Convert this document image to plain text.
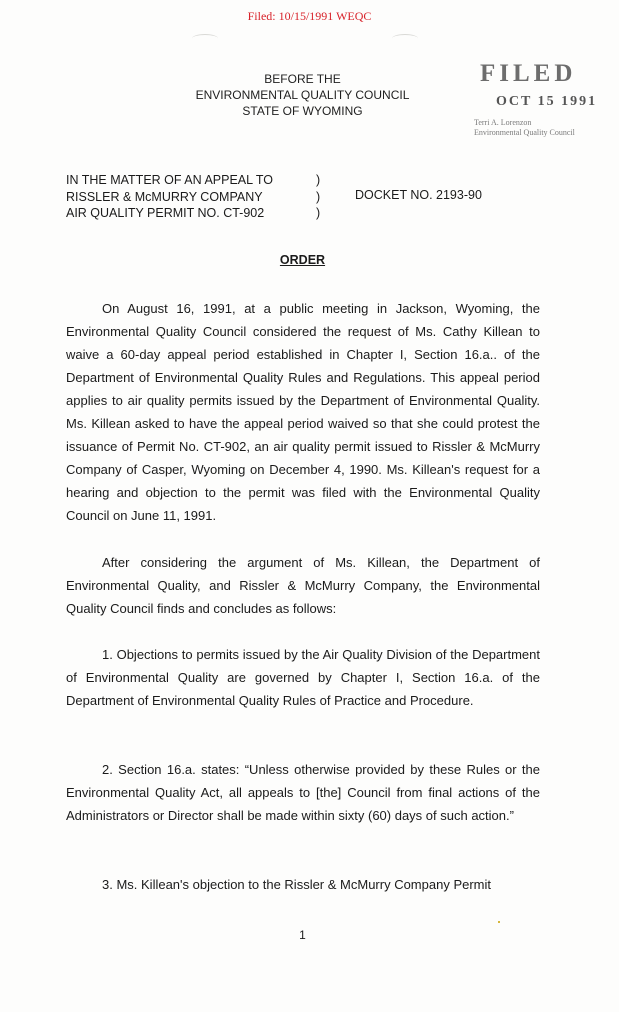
Filed: 10/15/1991 WEQC
BEFORE THE
ENVIRONMENTAL QUALITY COUNCIL
STATE OF WYOMING
FILED
OCT 15 1991
Terri A. Lorenzon
Environmental Quality Council
IN THE MATTER OF AN APPEAL TO
RISSLER & McMURRY COMPANY
AIR QUALITY PERMIT NO. CT-902
)
)
)
DOCKET NO. 2193-90
ORDER

On August 16, 1991, at a public meeting in Jackson, Wyoming, the Environmental Quality Council considered the request of Ms. Cathy Killean to waive a 60-day appeal period established in Chapter I, Section 16.a.. of the Department of Environmental Quality Rules and Regulations. This appeal period applies to air quality permits issued by the Department of Environmental Quality. Ms. Killean asked to have the appeal period waived so that she could protest the issuance of Permit No. CT-902, an air quality permit issued to Rissler & McMurry Company of Casper, Wyoming on December 4, 1990. Ms. Killean's request for a hearing and objection to the permit was filed with the Environmental Quality Council on June 11, 1991.

After considering the argument of Ms. Killean, the Department of Environmental Quality, and Rissler & McMurry Company, the Environmental Quality Council finds and concludes as follows:

1. Objections to permits issued by the Air Quality Division of the Department of Environmental Quality are governed by Chapter I, Section 16.a. of the Department of Environmental Quality Rules of Practice and Procedure.

2. Section 16.a. states: “Unless otherwise provided by these Rules or the Environmental Quality Act, all appeals to [the] Council from final actions of the Administrators or Director shall be made within sixty (60) days of such action.”

3. Ms. Killean's objection to the Rissler & McMurry Company Permit

1
